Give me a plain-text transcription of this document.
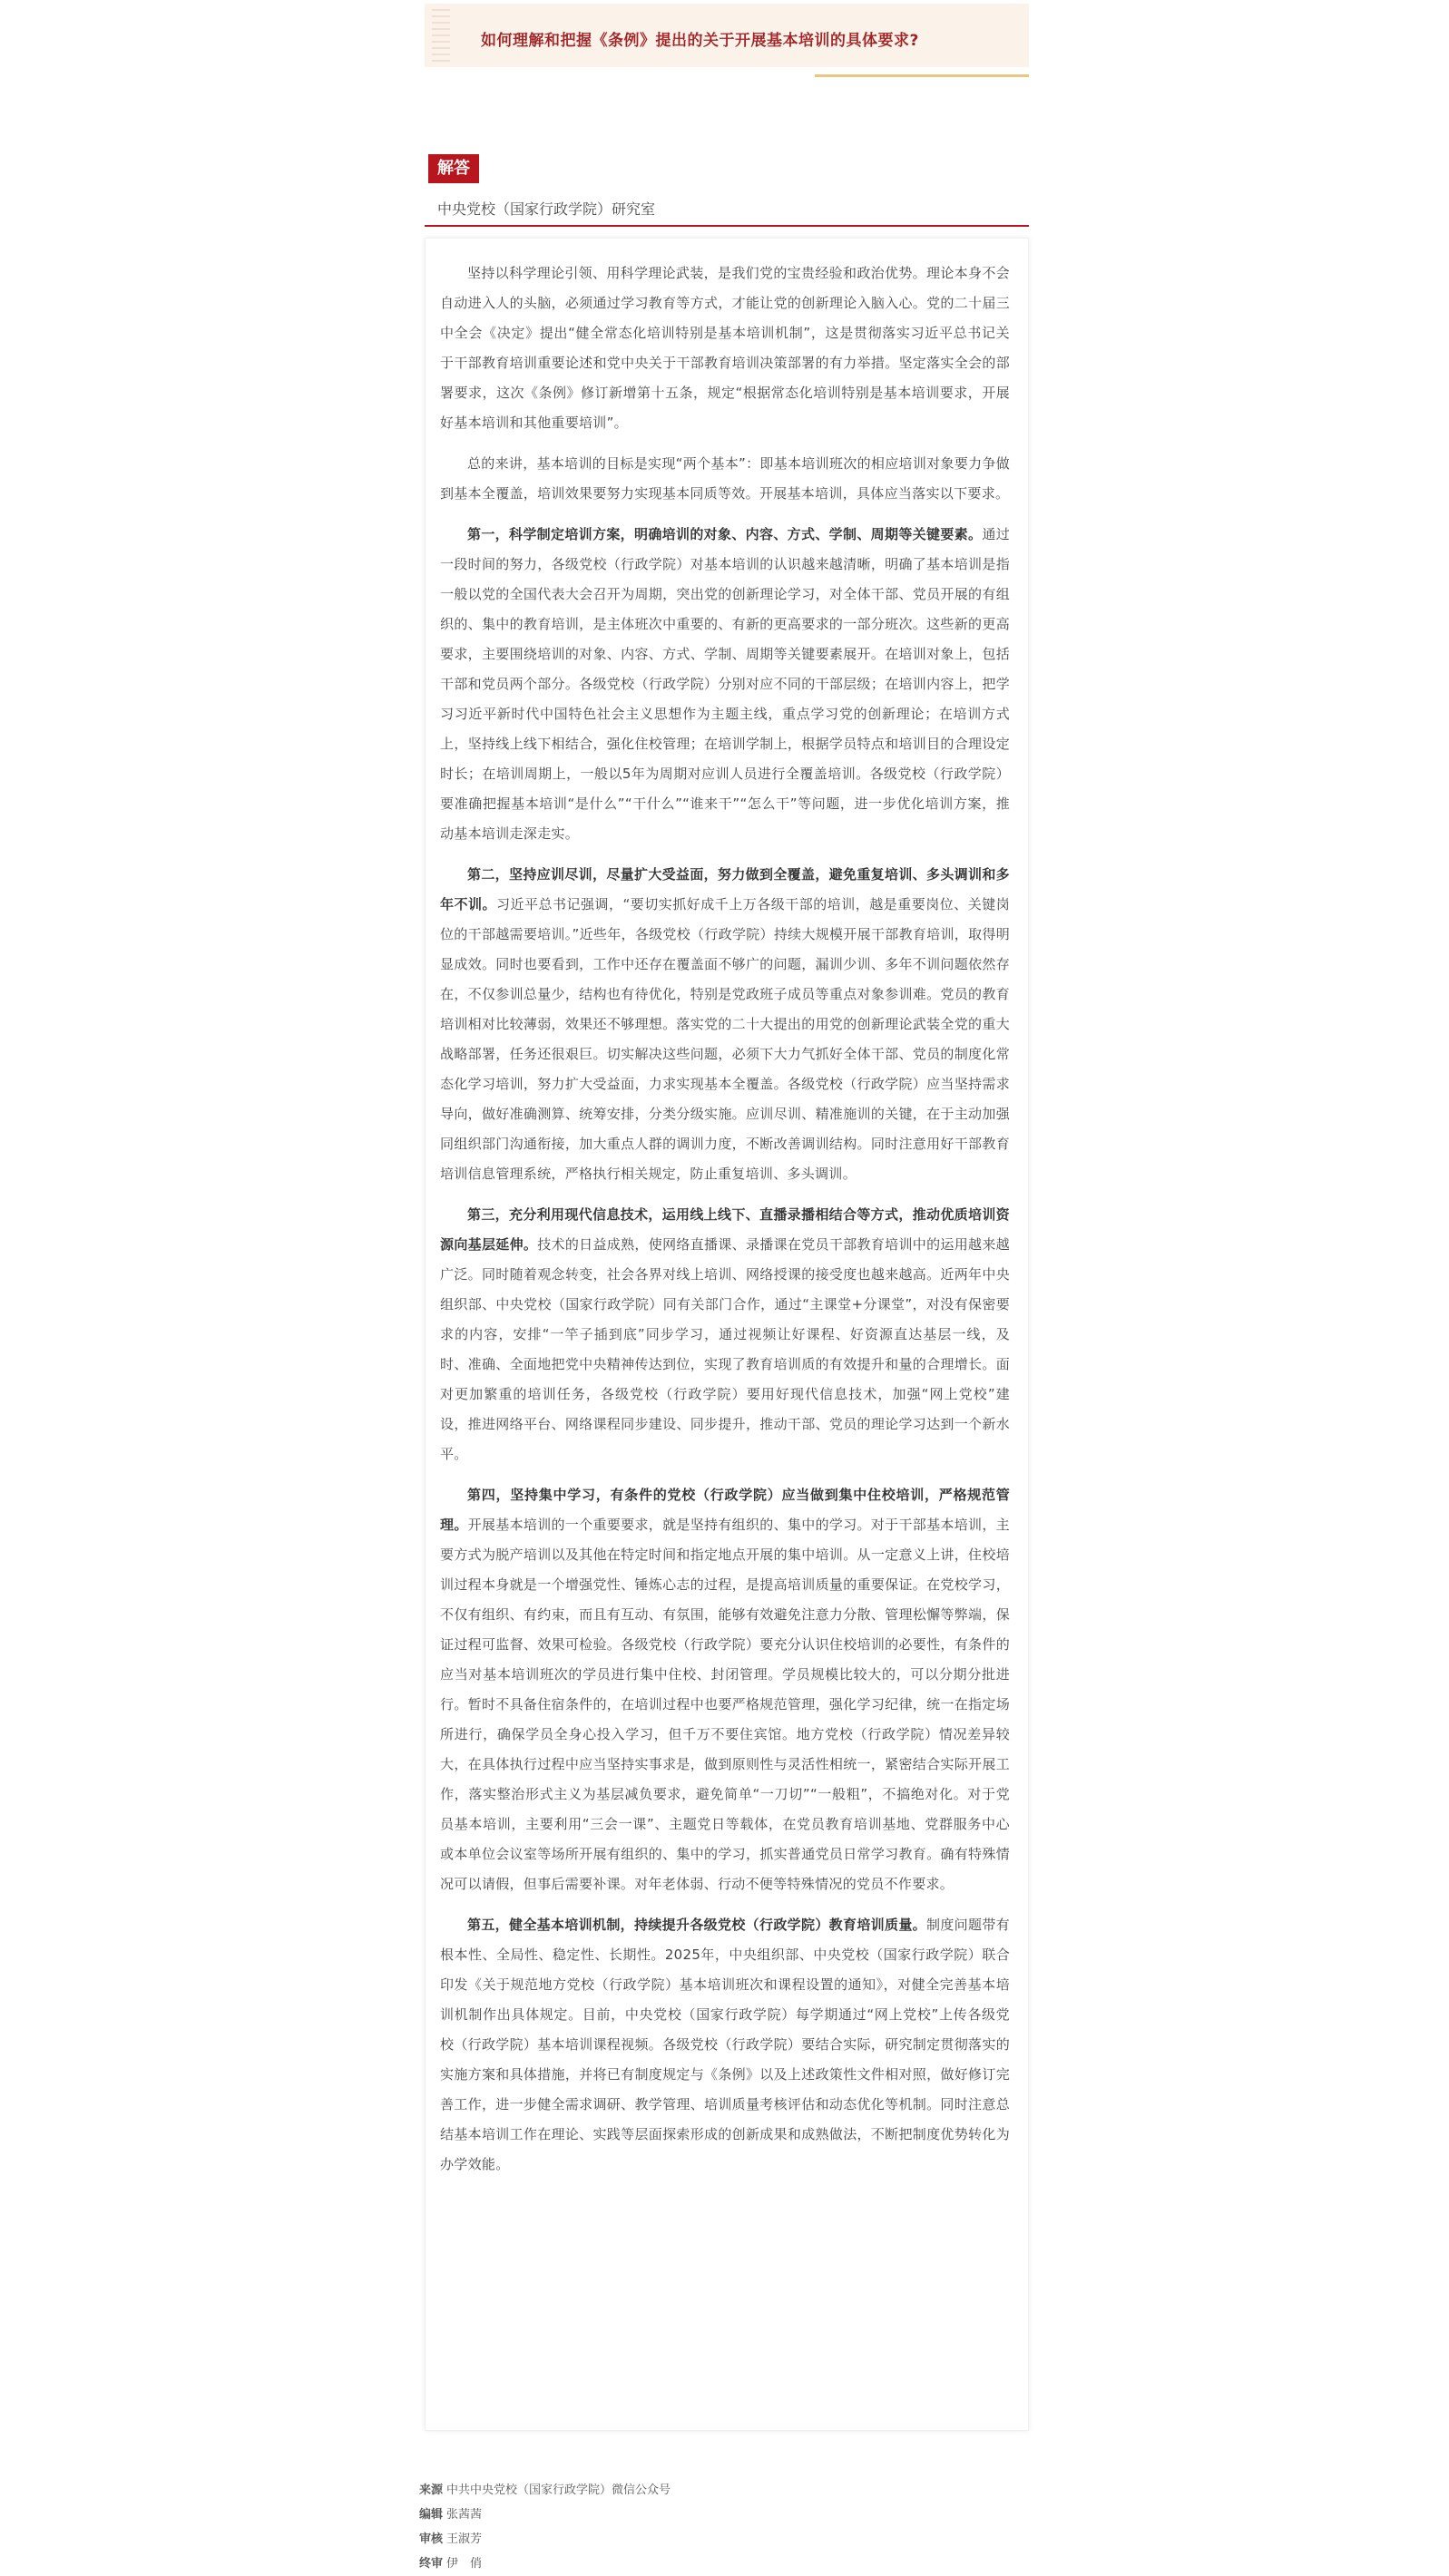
如何理解和把握《条例》提出的关于开展基本培训的具体要求?
解答
中央党校（国家行政学院）研究室

坚持以科学理论引领、用科学理论武装，是我们党的宝贵经验和政治优势。理论本身不会自动进入人的头脑，必须通过学习教育等方式，才能让党的创新理论入脑入心。党的二十届三中全会《决定》提出“健全常态化培训特别是基本培训机制”，这是贯彻落实习近平总书记关于干部教育培训重要论述和党中央关于干部教育培训决策部署的有力举措。坚定落实全会的部署要求，这次《条例》修订新增第十五条，规定“根据常态化培训特别是基本培训要求，开展好基本培训和其他重要培训”。

总的来讲，基本培训的目标是实现“两个基本”：即基本培训班次的相应培训对象要力争做到基本全覆盖，培训效果要努力实现基本同质等效。开展基本培训，具体应当落实以下要求。

第一，科学制定培训方案，明确培训的对象、内容、方式、学制、周期等关键要素。通过一段时间的努力，各级党校（行政学院）对基本培训的认识越来越清晰，明确了基本培训是指一般以党的全国代表大会召开为周期，突出党的创新理论学习，对全体干部、党员开展的有组织的、集中的教育培训，是主体班次中重要的、有新的更高要求的一部分班次。这些新的更高要求，主要围绕培训的对象、内容、方式、学制、周期等关键要素展开。在培训对象上，包括干部和党员两个部分。各级党校（行政学院）分别对应不同的干部层级；在培训内容上，把学习习近平新时代中国特色社会主义思想作为主题主线，重点学习党的创新理论；在培训方式上，坚持线上线下相结合，强化住校管理；在培训学制上，根据学员特点和培训目的合理设定时长；在培训周期上，一般以5年为周期对应训人员进行全覆盖培训。各级党校（行政学院）要准确把握基本培训“是什么”“干什么”“谁来干”“怎么干”等问题，进一步优化培训方案，推动基本培训走深走实。

第二，坚持应训尽训，尽量扩大受益面，努力做到全覆盖，避免重复培训、多头调训和多年不训。习近平总书记强调，“要切实抓好成千上万各级干部的培训，越是重要岗位、关键岗位的干部越需要培训。”近些年，各级党校（行政学院）持续大规模开展干部教育培训，取得明显成效。同时也要看到，工作中还存在覆盖面不够广的问题，漏训少训、多年不训问题依然存在，不仅参训总量少，结构也有待优化，特别是党政班子成员等重点对象参训难。党员的教育培训相对比较薄弱，效果还不够理想。落实党的二十大提出的用党的创新理论武装全党的重大战略部署，任务还很艰巨。切实解决这些问题，必须下大力气抓好全体干部、党员的制度化常态化学习培训，努力扩大受益面，力求实现基本全覆盖。各级党校（行政学院）应当坚持需求导向，做好准确测算、统筹安排，分类分级实施。应训尽训、精准施训的关键，在于主动加强同组织部门沟通衔接，加大重点人群的调训力度，不断改善调训结构。同时注意用好干部教育培训信息管理系统，严格执行相关规定，防止重复培训、多头调训。

第三，充分利用现代信息技术，运用线上线下、直播录播相结合等方式，推动优质培训资源向基层延伸。技术的日益成熟，使网络直播课、录播课在党员干部教育培训中的运用越来越广泛。同时随着观念转变，社会各界对线上培训、网络授课的接受度也越来越高。近两年中央组织部、中央党校（国家行政学院）同有关部门合作，通过“主课堂+分课堂”，对没有保密要求的内容，安排“一竿子插到底”同步学习，通过视频让好课程、好资源直达基层一线，及时、准确、全面地把党中央精神传达到位，实现了教育培训质的有效提升和量的合理增长。面对更加繁重的培训任务，各级党校（行政学院）要用好现代信息技术，加强“网上党校”建设，推进网络平台、网络课程同步建设、同步提升，推动干部、党员的理论学习达到一个新水平。

第四，坚持集中学习，有条件的党校（行政学院）应当做到集中住校培训，严格规范管理。开展基本培训的一个重要要求，就是坚持有组织的、集中的学习。对于干部基本培训，主要方式为脱产培训以及其他在特定时间和指定地点开展的集中培训。从一定意义上讲，住校培训过程本身就是一个增强党性、锤炼心志的过程，是提高培训质量的重要保证。在党校学习，不仅有组织、有约束，而且有互动、有氛围，能够有效避免注意力分散、管理松懈等弊端，保证过程可监督、效果可检验。各级党校（行政学院）要充分认识住校培训的必要性，有条件的应当对基本培训班次的学员进行集中住校、封闭管理。学员规模比较大的，可以分期分批进行。暂时不具备住宿条件的，在培训过程中也要严格规范管理，强化学习纪律，统一在指定场所进行，确保学员全身心投入学习，但千万不要住宾馆。地方党校（行政学院）情况差异较大，在具体执行过程中应当坚持实事求是，做到原则性与灵活性相统一，紧密结合实际开展工作，落实整治形式主义为基层减负要求，避免简单“一刀切”“一般粗”，不搞绝对化。对于党员基本培训，主要利用“三会一课”、主题党日等载体，在党员教育培训基地、党群服务中心或本单位会议室等场所开展有组织的、集中的学习，抓实普通党员日常学习教育。确有特殊情况可以请假，但事后需要补课。对年老体弱、行动不便等特殊情况的党员不作要求。

第五，健全基本培训机制，持续提升各级党校（行政学院）教育培训质量。制度问题带有根本性、全局性、稳定性、长期性。2025年，中央组织部、中央党校（国家行政学院）联合印发《关于规范地方党校（行政学院）基本培训班次和课程设置的通知》，对健全完善基本培训机制作出具体规定。目前，中央党校（国家行政学院）每学期通过“网上党校”上传各级党校（行政学院）基本培训课程视频。各级党校（行政学院）要结合实际，研究制定贯彻落实的实施方案和具体措施，并将已有制度规定与《条例》以及上述政策性文件相对照，做好修订完善工作，进一步健全需求调研、教学管理、培训质量考核评估和动态优化等机制。同时注意总结基本培训工作在理论、实践等层面探索形成的创新成果和成熟做法，不断把制度优势转化为办学效能。

来源 中共中央党校（国家行政学院）微信公众号
编辑 张茜茜
审核 王淑芳
终审 伊　俏
